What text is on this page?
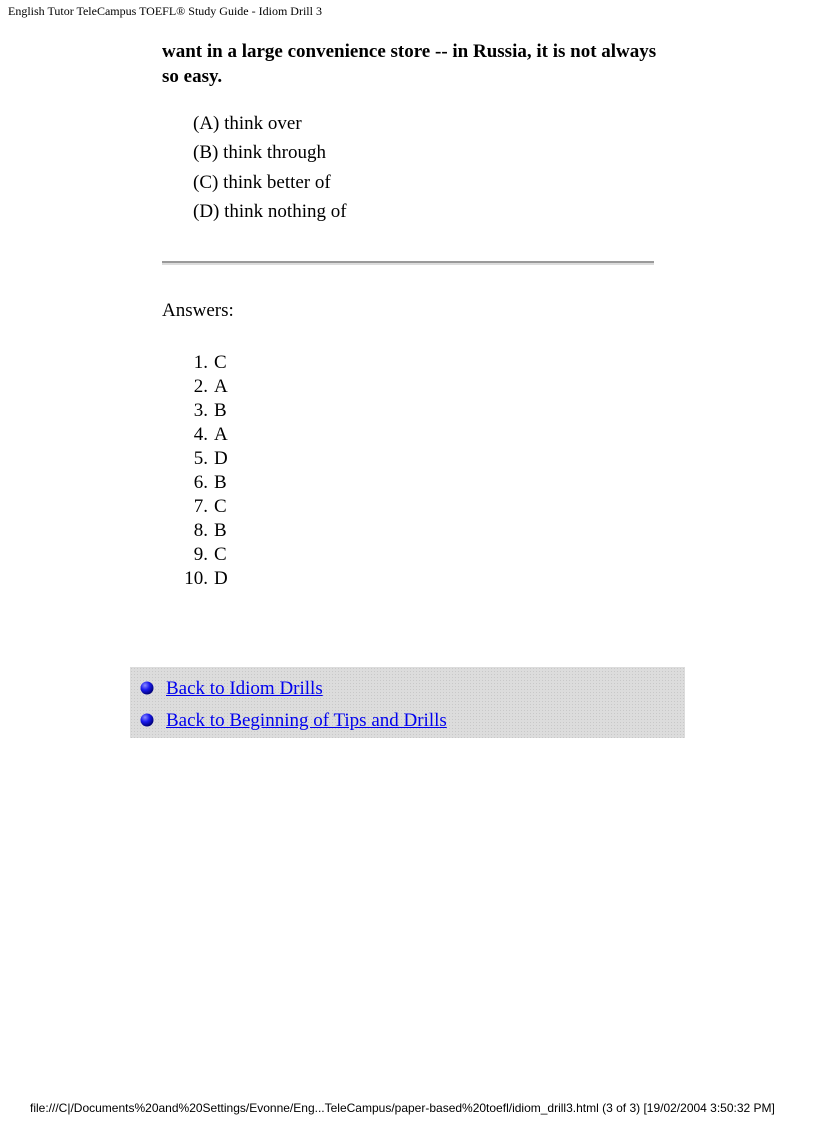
English Tutor TeleCampus TOEFL® Study Guide - Idiom Drill 3
want in a large convenience store -- in Russia, it is not always so easy.
(A) think over
(B) think through
(C) think better of
(D) think nothing of
Answers:
1. C
2. A
3. B
4. A
5. D
6. B
7. C
8. B
9. C
10. D
Back to Idiom Drills
Back to Beginning of Tips and Drills
file:///C|/Documents%20and%20Settings/Evonne/Eng...TeleCampus/paper-based%20toefl/idiom_drill3.html (3 of 3) [19/02/2004 3:50:32 PM]
